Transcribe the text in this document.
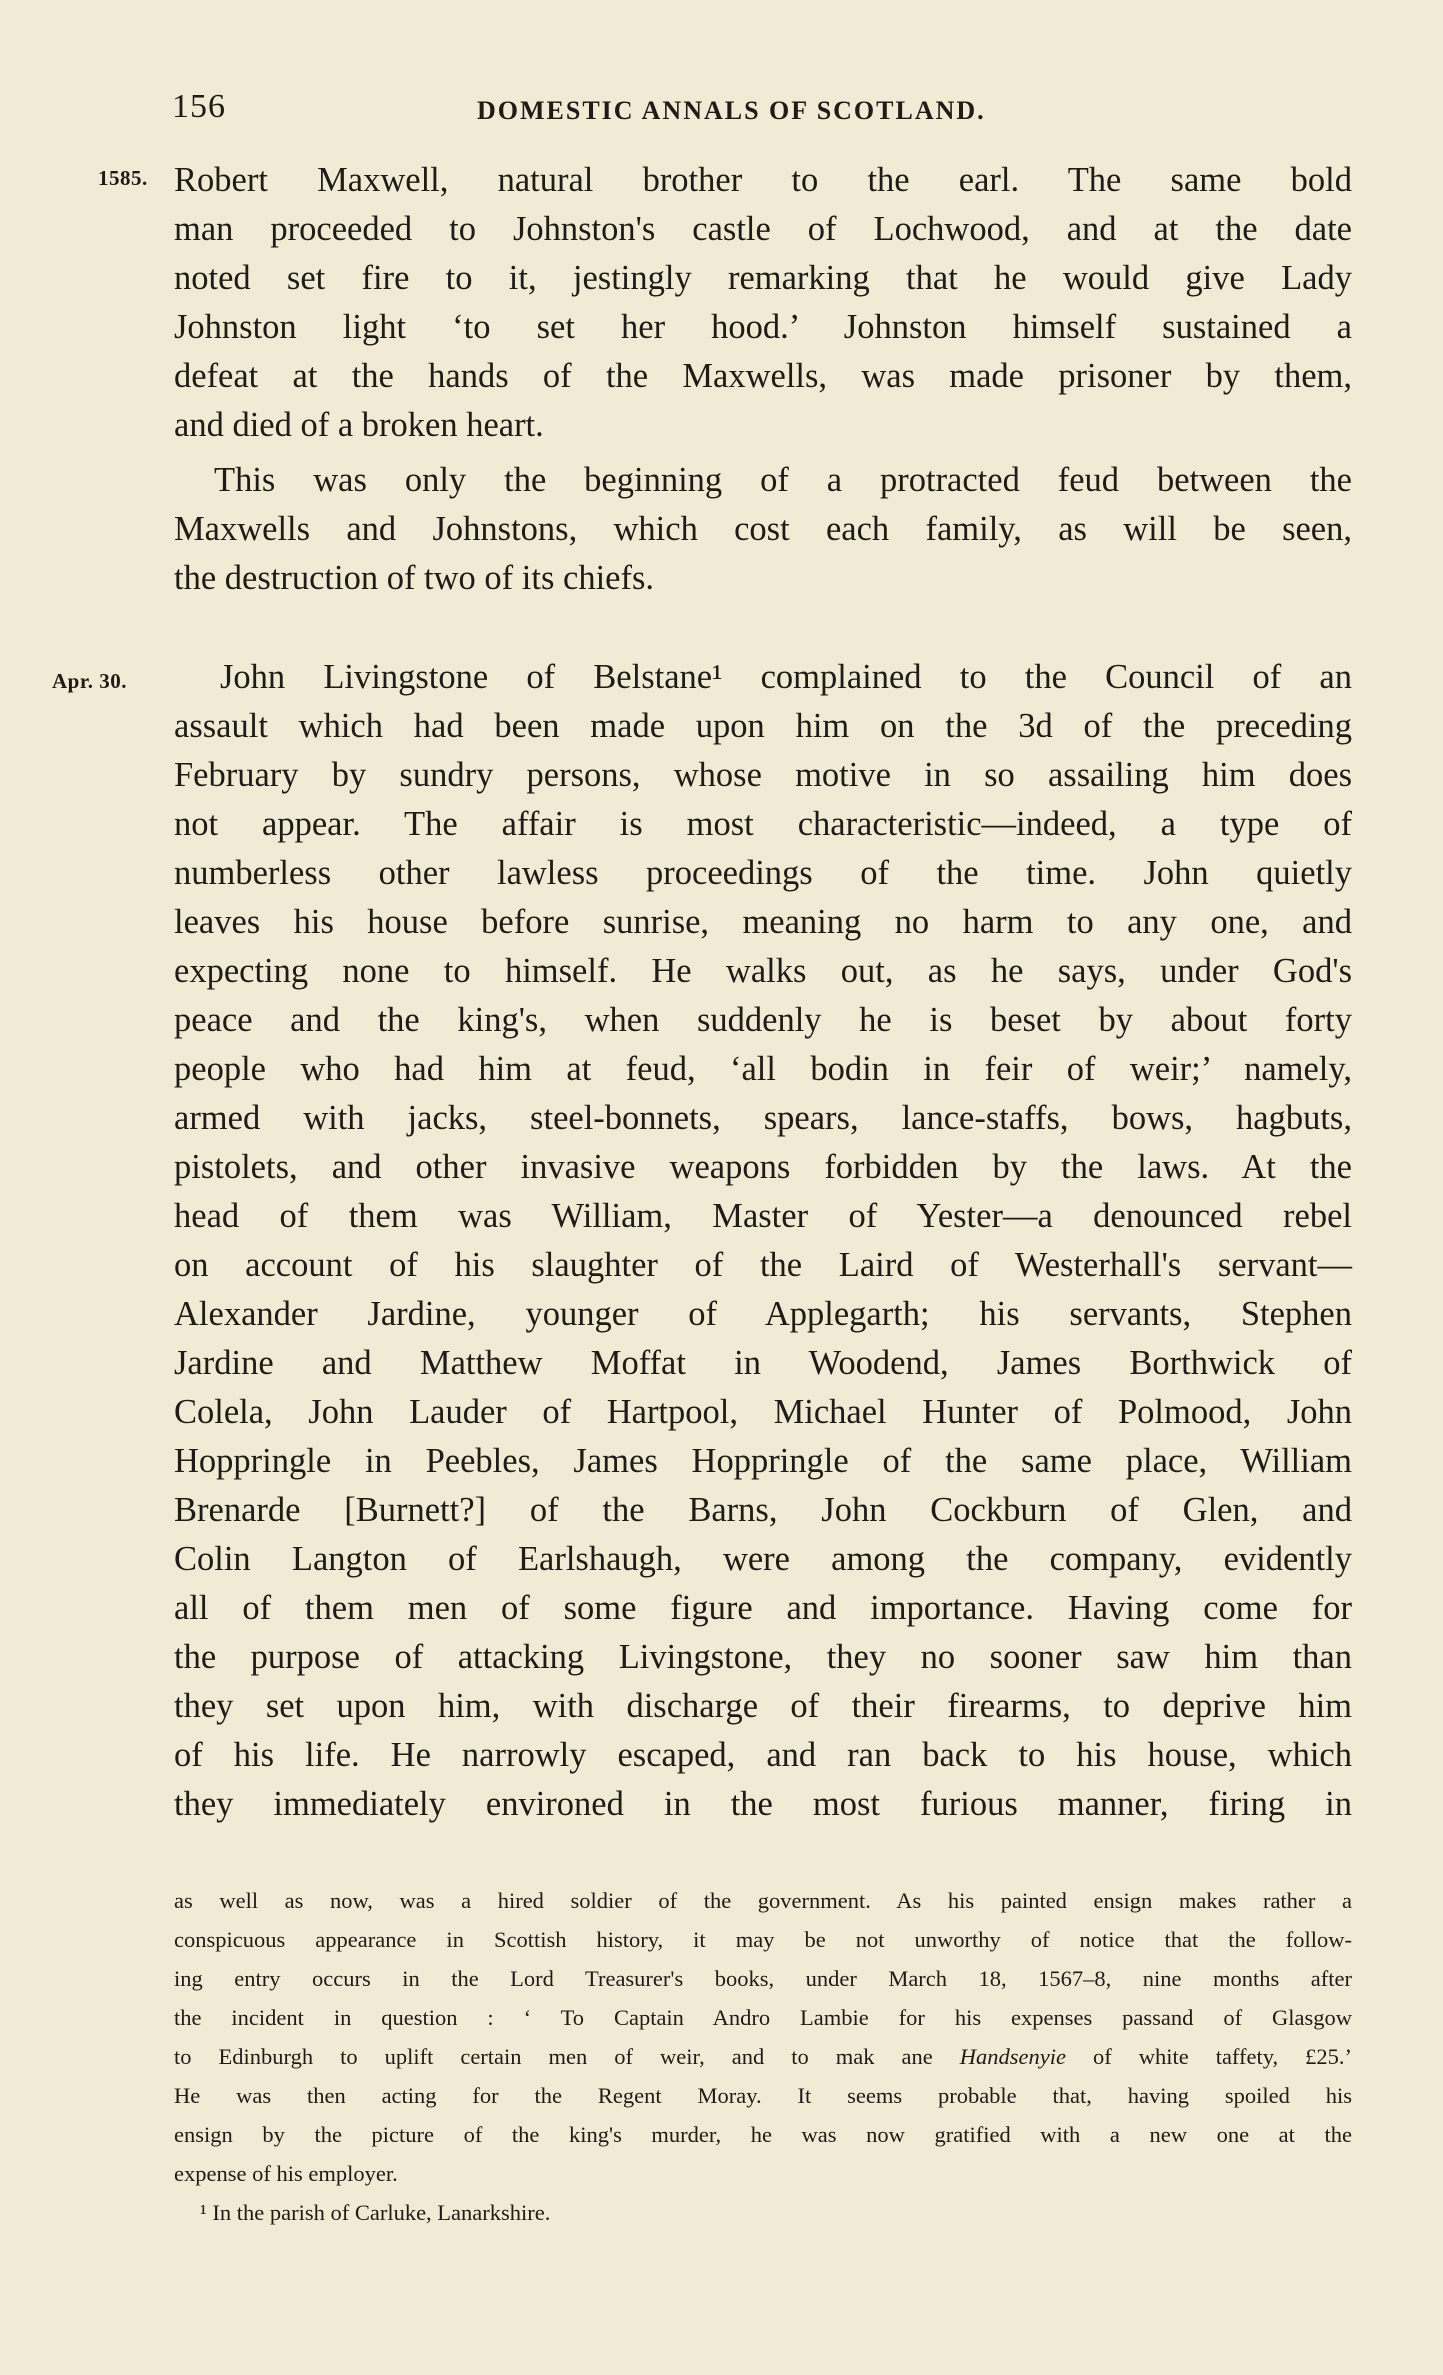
156	DOMESTIC ANNALS OF SCOTLAND.
1585.
Apr. 30.
Robert Maxwell, natural brother to the earl. The same bold
man proceeded to Johnston's castle of Lochwood, and at the date
noted set fire to it, jestingly remarking that he would give Lady
Johnston light ‘to set her hood.’ Johnston himself sustained a
defeat at the hands of the Maxwells, was made prisoner by them,
and died of a broken heart.
This was only the beginning of a protracted feud between the
Maxwells and Johnstons, which cost each family, as will be seen,
the destruction of two of its chiefs.
John Livingstone of Belstane¹ complained to the Council of an
assault which had been made upon him on the 3d of the preceding
February by sundry persons, whose motive in so assailing him does
not appear. The affair is most characteristic—indeed, a type of
numberless other lawless proceedings of the time. John quietly
leaves his house before sunrise, meaning no harm to any one, and
expecting none to himself. He walks out, as he says, under God's
peace and the king's, when suddenly he is beset by about forty
people who had him at feud, ‘all bodin in feir of weir;’ namely,
armed with jacks, steel-bonnets, spears, lance-staffs, bows, hagbuts,
pistolets, and other invasive weapons forbidden by the laws. At the
head of them was William, Master of Yester—a denounced rebel
on account of his slaughter of the Laird of Westerhall's servant—
Alexander Jardine, younger of Applegarth; his servants, Stephen
Jardine and Matthew Moffat in Woodend, James Borthwick of
Colela, John Lauder of Hartpool, Michael Hunter of Polmood, John
Hoppringle in Peebles, James Hoppringle of the same place, William
Brenarde [Burnett?] of the Barns, John Cockburn of Glen, and
Colin Langton of Earlshaugh, were among the company, evidently
all of them men of some figure and importance. Having come for
the purpose of attacking Livingstone, they no sooner saw him than
they set upon him, with discharge of their firearms, to deprive him
of his life. He narrowly escaped, and ran back to his house, which
they immediately environed in the most furious manner, firing in
as well as now, was a hired soldier of the government. As his painted ensign makes rather a
conspicuous appearance in Scottish history, it may be not unworthy of notice that the follow-
ing entry occurs in the Lord Treasurer's books, under March 18, 1567–8, nine months after
the incident in question : ‘ To Captain Andro Lambie for his expenses passand of Glasgow
to Edinburgh to uplift certain men of weir, and to mak ane Handsenyie of white taffety, £25.’
He was then acting for the Regent Moray. It seems probable that, having spoiled his
ensign by the picture of the king's murder, he was now gratified with a new one at the
expense of his employer.
¹ In the parish of Carluke, Lanarkshire.
